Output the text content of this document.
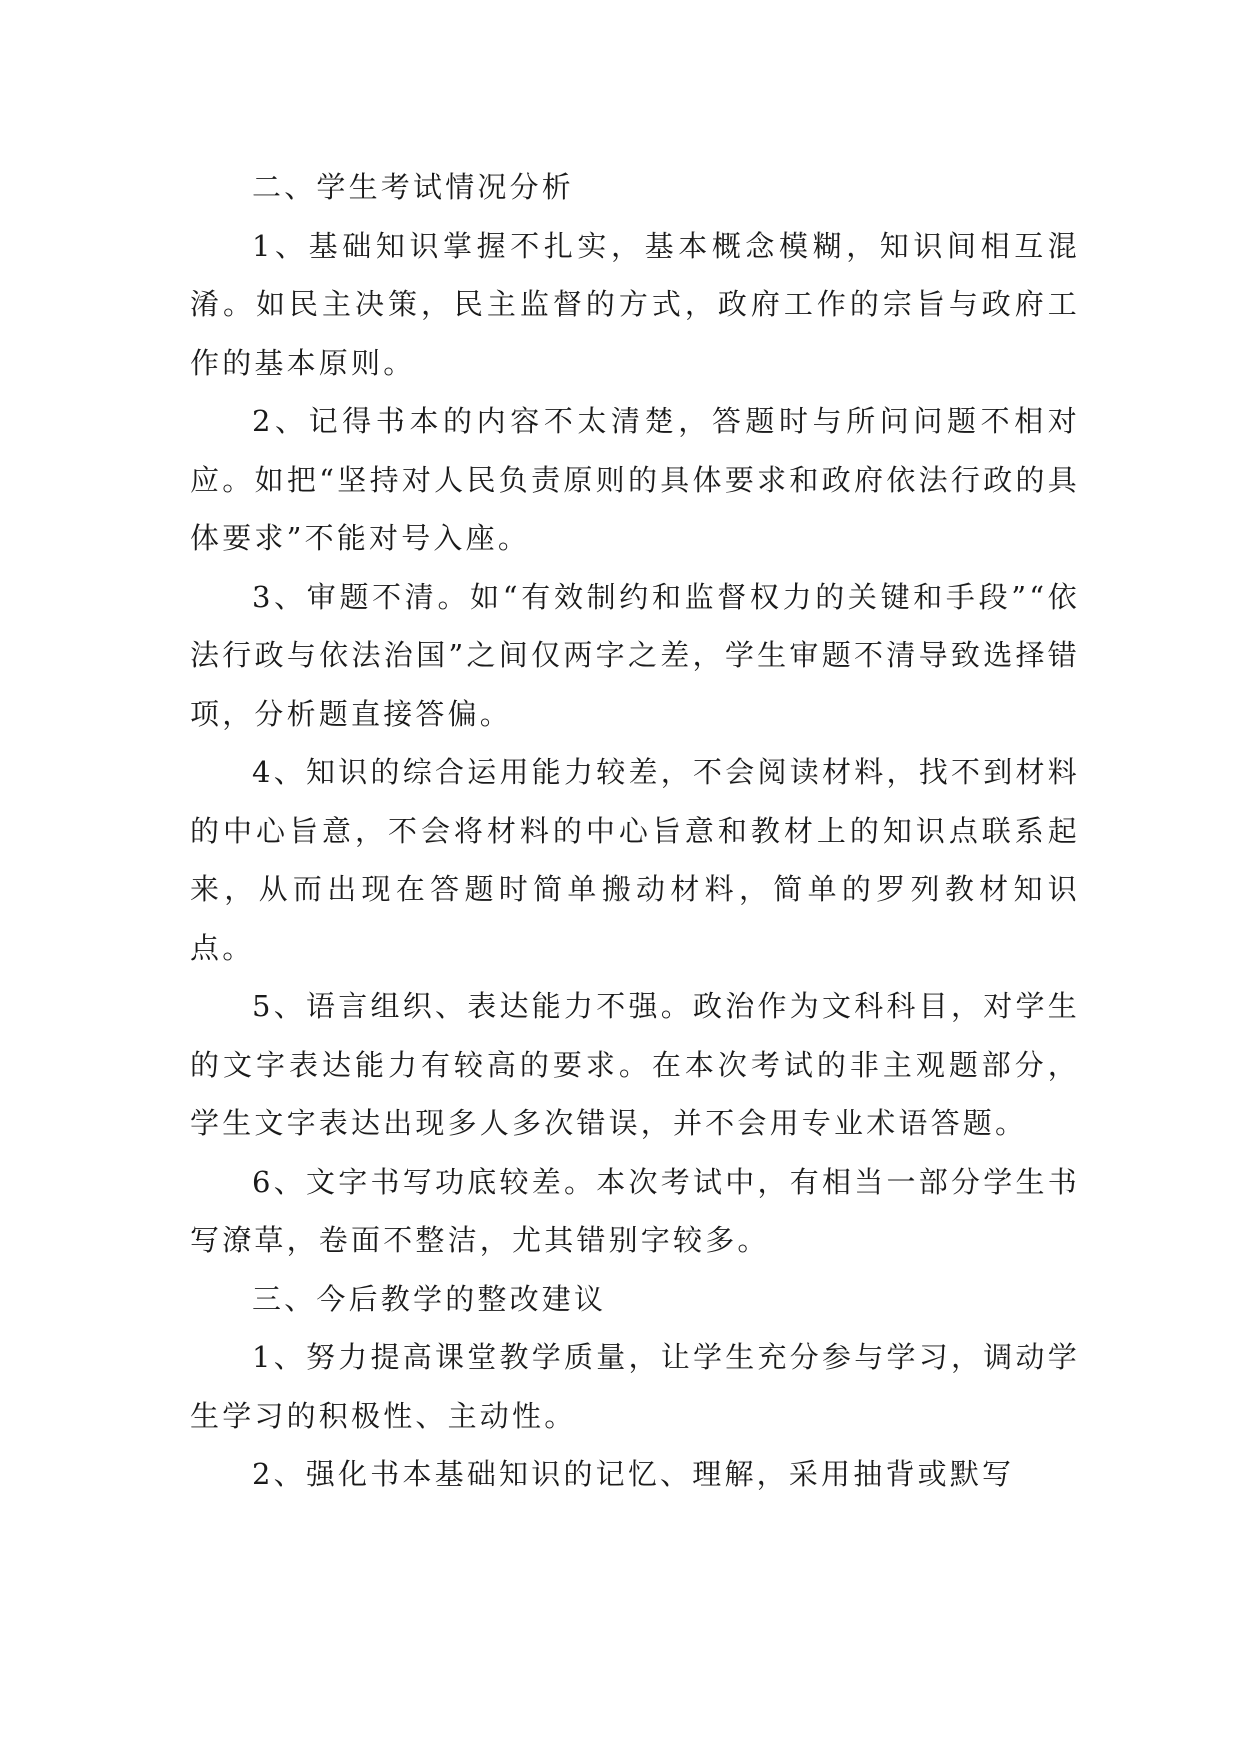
二、学生考试情况分析

1、基础知识掌握不扎实，基本概念模糊，知识间相互混淆。如民主决策，民主监督的方式，政府工作的宗旨与政府工作的基本原则。

2、记得书本的内容不太清楚，答题时与所问问题不相对应。如把“坚持对人民负责原则的具体要求和政府依法行政的具体要求”不能对号入座。

3、审题不清。如“有效制约和监督权力的关键和手段”“依法行政与依法治国”之间仅两字之差，学生审题不清导致选择错项，分析题直接答偏。

4、知识的综合运用能力较差，不会阅读材料，找不到材料的中心旨意，不会将材料的中心旨意和教材上的知识点联系起来，从而出现在答题时简单搬动材料，简单的罗列教材知识点。

5、语言组织、表达能力不强。政治作为文科科目，对学生的文字表达能力有较高的要求。在本次考试的非主观题部分，学生文字表达出现多人多次错误，并不会用专业术语答题。

6、文字书写功底较差。本次考试中，有相当一部分学生书写潦草，卷面不整洁，尤其错别字较多。

三、今后教学的整改建议

1、努力提高课堂教学质量，让学生充分参与学习，调动学生学习的积极性、主动性。

2、强化书本基础知识的记忆、理解，采用抽背或默写
